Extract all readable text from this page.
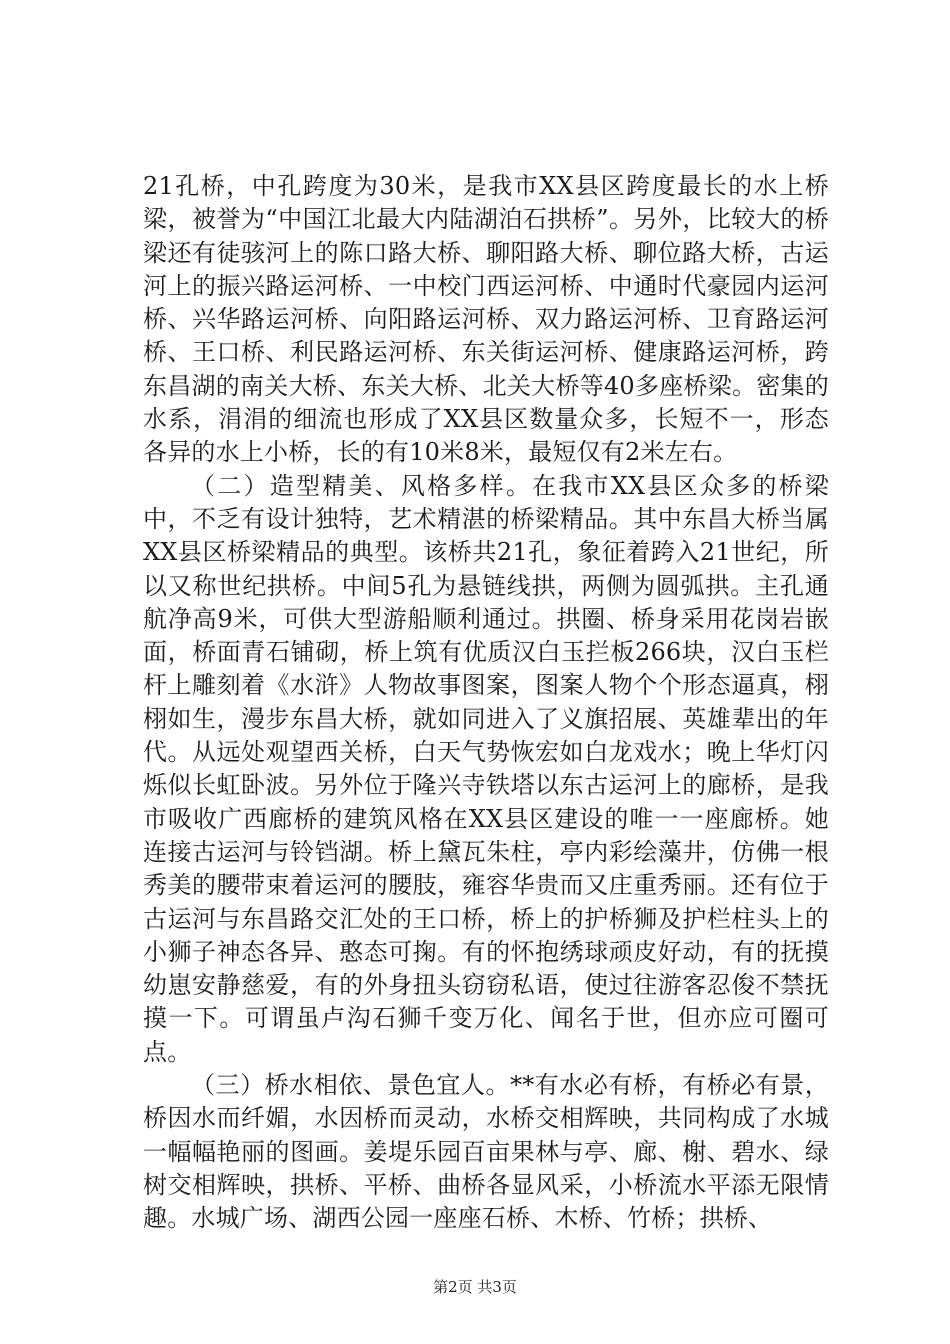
21孔桥，中孔跨度为30米，是我市XX县区跨度最长的水上桥梁，被誉为“中国江北最大内陆湖泊石拱桥”。另外，比较大的桥梁还有徒骇河上的陈口路大桥、聊阳路大桥、聊位路大桥，古运河上的振兴路运河桥、一中校门西运河桥、中通时代豪园内运河桥、兴华路运河桥、向阳路运河桥、双力路运河桥、卫育路运河桥、王口桥、利民路运河桥、东关街运河桥、健康路运河桥，跨东昌湖的南关大桥、东关大桥、北关大桥等40多座桥梁。密集的水系，涓涓的细流也形成了XX县区数量众多，长短不一，形态各异的水上小桥，长的有10米8米，最短仅有2米左右。

（二）造型精美、风格多样。在我市XX县区众多的桥梁中，不乏有设计独特，艺术精湛的桥梁精品。其中东昌大桥当属XX县区桥梁精品的典型。该桥共21孔，象征着跨入21世纪，所以又称世纪拱桥。中间5孔为悬链线拱，两侧为圆弧拱。主孔通航净高9米，可供大型游船顺利通过。拱圈、桥身采用花岗岩嵌面，桥面青石铺砌，桥上筑有优质汉白玉拦板266块，汉白玉栏杆上雕刻着《水浒》人物故事图案，图案人物个个形态逼真，栩栩如生，漫步东昌大桥，就如同进入了义旗招展、英雄辈出的年代。从远处观望西关桥，白天气势恢宏如白龙戏水；晚上华灯闪烁似长虹卧波。另外位于隆兴寺铁塔以东古运河上的廊桥，是我市吸收广西廊桥的建筑风格在XX县区建设的唯一一座廊桥。她连接古运河与铃铛湖。桥上黛瓦朱柱，亭内彩绘藻井，仿佛一根秀美的腰带束着运河的腰肢，雍容华贵而又庄重秀丽。还有位于古运河与东昌路交汇处的王口桥，桥上的护桥狮及护栏柱头上的小狮子神态各异、憨态可掬。有的怀抱绣球顽皮好动，有的抚摸幼崽安静慈爱，有的外身扭头窃窃私语，使过往游客忍俊不禁抚摸一下。可谓虽卢沟石狮千变万化、闻名于世，但亦应可圈可点。

（三）桥水相依、景色宜人。**有水必有桥，有桥必有景，桥因水而纤媚，水因桥而灵动，水桥交相辉映，共同构成了水城一幅幅艳丽的图画。姜堤乐园百亩果林与亭、廊、榭、碧水、绿树交相辉映，拱桥、平桥、曲桥各显风采，小桥流水平添无限情趣。水城广场、湖西公园一座座石桥、木桥、竹桥；拱桥、

第2页 共3页
